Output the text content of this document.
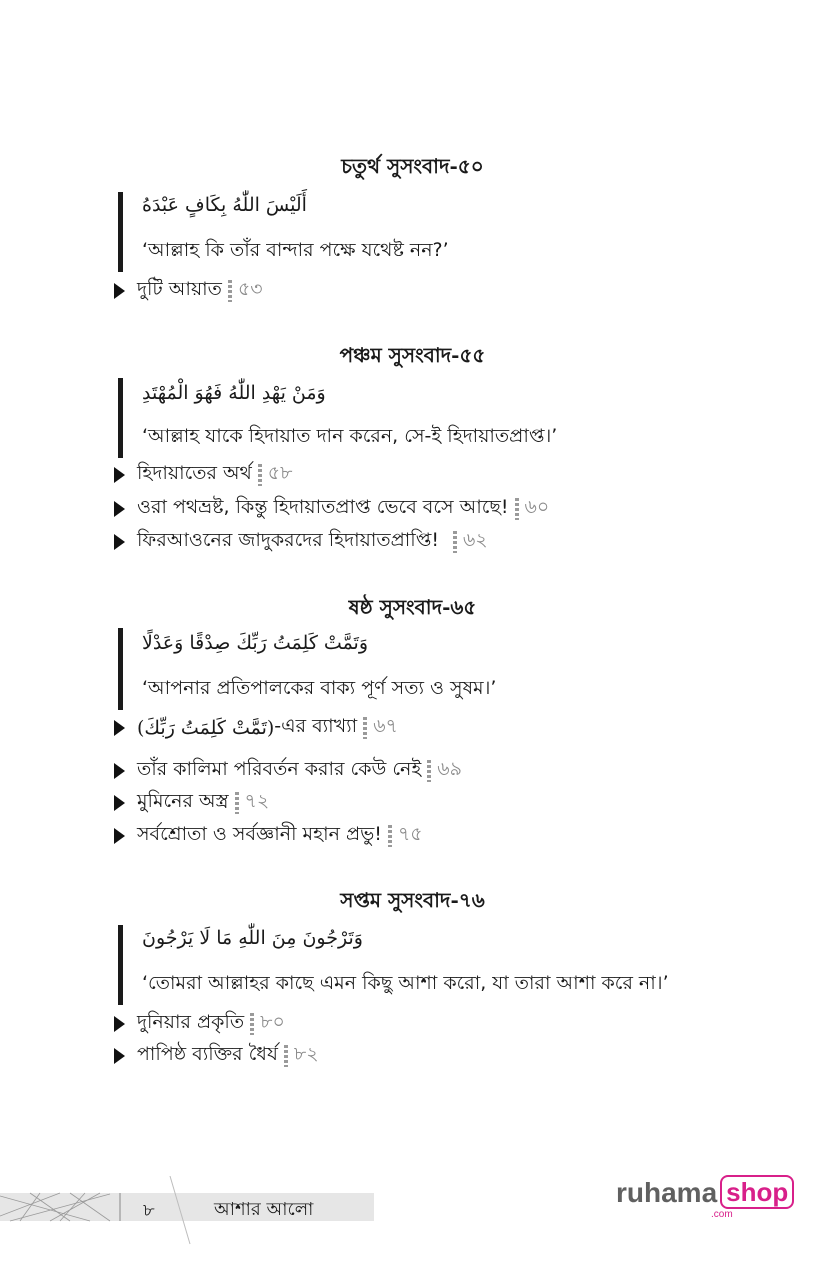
চতুর্থ সুসংবাদ-৫০
أَلَيْسَ اللّٰهُ بِكَافٍ عَبْدَهُ
‘আল্লাহ কি তাঁর বান্দার পক্ষে যথেষ্ট নন?’
দুটি আয়াত ৫৩
পঞ্চম সুসংবাদ-৫৫
وَمَنْ يَهْدِ اللّٰهُ فَهُوَ الْمُهْتَدِ
‘আল্লাহ যাকে হিদায়াত দান করেন, সে-ই হিদায়াতপ্রাপ্ত।’
হিদায়াতের অর্থ ৫৮
ওরা পথভ্রষ্ট, কিন্তু হিদায়াতপ্রাপ্ত ভেবে বসে আছে! ৬০
ফিরআওনের জাদুকরদের হিদায়াতপ্রাপ্তি! ৬২
ষষ্ঠ সুসংবাদ-৬৫
وَتَمَّتْ كَلِمَتُ رَبِّكَ صِدْقًا وَعَدْلًا
‘আপনার প্রতিপালকের বাক্য পূর্ণ সত্য ও সুষম।’
(تَمَّتْ كَلِمَتُ رَبِّكَ) -এর ব্যাখ্যা ৬৭
তাঁর কালিমা পরিবর্তন করার কেউ নেই ৬৯
মুমিনের অস্ত্র ৭২
সর্বশ্রোতা ও সর্বজ্ঞানী মহান প্রভু! ৭৫
সপ্তম সুসংবাদ-৭৬
وَتَرْجُونَ مِنَ اللّٰهِ مَا لَا يَرْجُونَ
‘তোমরা আল্লাহর কাছে এমন কিছু আশা করো, যা তারা আশা করে না।’
দুনিয়ার প্রকৃতি ৮০
পাপিষ্ঠ ব্যক্তির ধৈর্য ৮২
৮	আশার আলো
ruhama shop
.com
